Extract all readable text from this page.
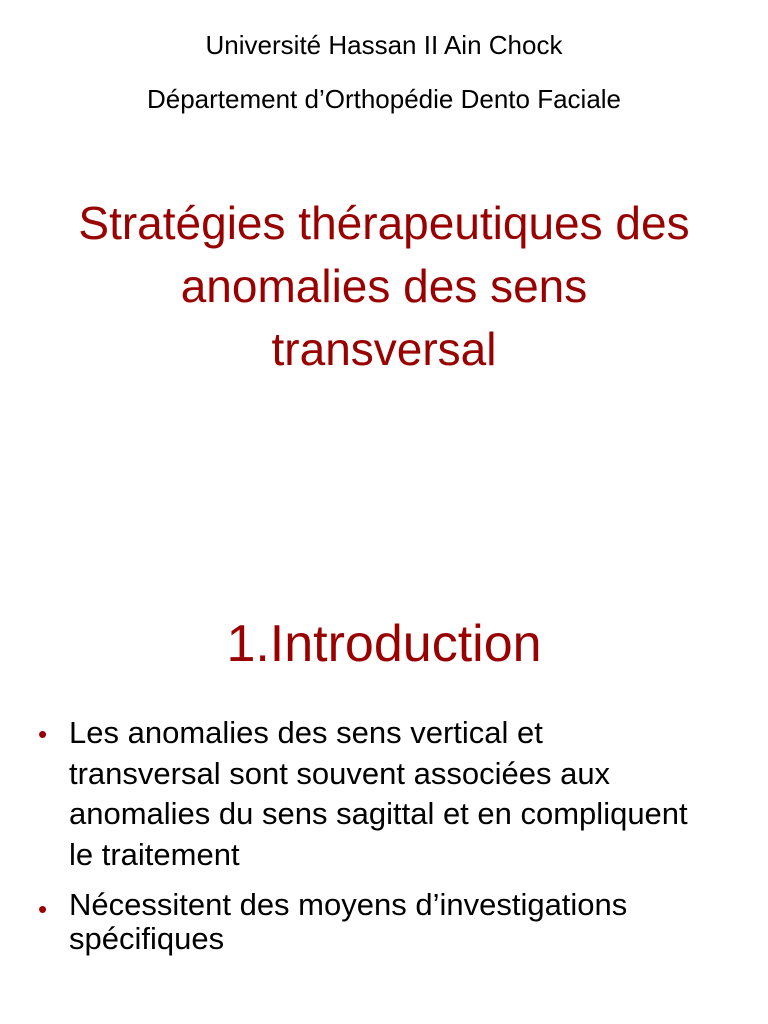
Université Hassan II Ain Chock
Département d’Orthopédie Dento Faciale
Stratégies thérapeutiques des
anomalies des sens
transversal
1.Introduction
• Les anomalies des sens vertical et
transversal sont souvent associées aux
anomalies du sens sagittal et en compliquent
le traitement
• Nécessitent des moyens d’investigations
spécifiques
